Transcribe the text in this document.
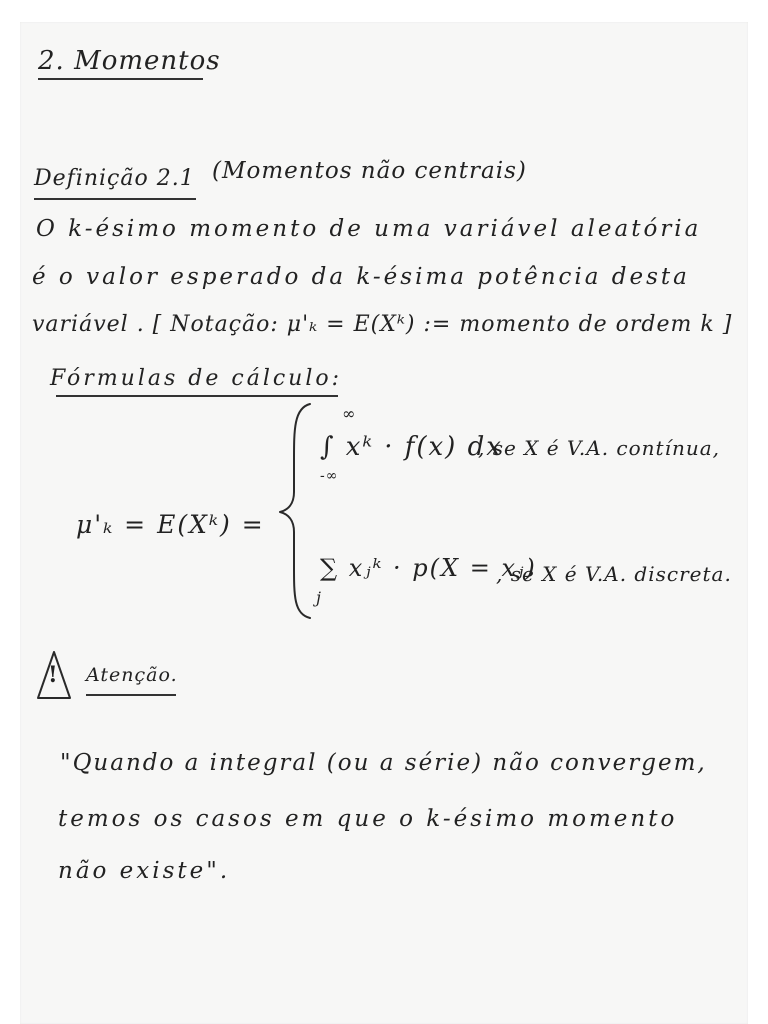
2. Momentos
Definição 2.1 (Momentos não centrais)
O k-ésimo momento de uma variável aleatória
é o valor esperado da k-ésima potência desta
variável . [ Notação: μ'ₖ = E(Xᵏ) := momento de ordem k ]
Fórmulas de cálculo:
μ'ₖ = E(Xᵏ) =
∞
∫ xᵏ · f(x) dx
-∞
, se X é V.A. contínua,
∑ xⱼᵏ · p(X = xⱼ)
j
, se X é V.A. discreta.
! Atenção.
"Quando a integral (ou a série) não convergem,
temos os casos em que o k-ésimo momento
não existe".
